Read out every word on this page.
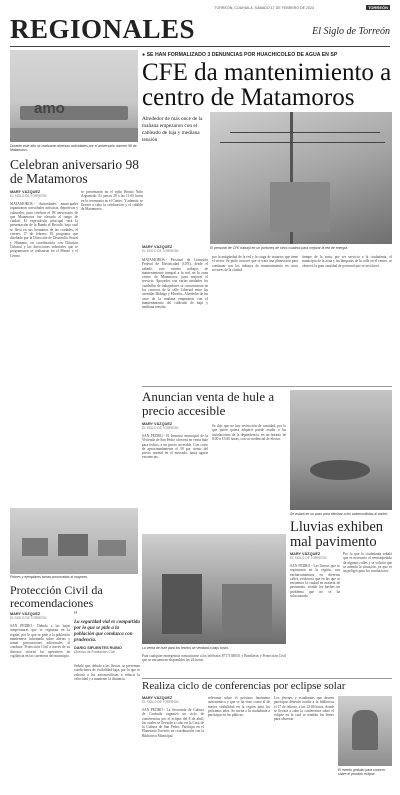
TORREÓN, COAHUILA. SÁBADO 17 DE FEBRERO DE 2024	TORREÓN
REGIONALES	El Siglo de Torreón
amo
Durante este año se realizarán diversas actividades por el aniversario número 98 de Matamoros.
Celebran aniversario 98 de Matamoros
MARY VÁZQUEZ
EL SIGLO DE TORREÓN
MATAMOROS.- Autoridades municipales organizaron actividades artísticas, deportivas y culturales, para celebrar el 98 aniversario de que Matamoros fue elevado al rango de ciudad. El expectáculo principal será la presentación de la Banda el Recodo, bajo cual se lleva en sus hermanos de las ciudades, el viernes 17 de febrero. El programa que diseñado por la Dirección de Desarrollo Social y Humano, en coordinación con Difusión Cultural y las direcciones señoriales que se programaron se realizaron en el Museo y el Centro.
se presentarán en el ejido Benito Niño Argomedo. El jueves 29 a las 11:00 horas en la ceremonia en el Centro. Y además, se llevará a cabo la celebración y el cabildo de Matamoros.
● SE HAN FORMALIZADO 3 DENUNCIAS POR HUACHICOLEO DE AGUA EN SP
CFE da mantenimiento a centro de Matamoros
Alrededor de más once de la mañana empezaron con el cableado de luja y mediana tensión
El personal de CFE trabajó en un portones de otros cuadros para mejorar la red de energía.
MARY VÁZQUEZ
EL SIGLO DE TORREÓN
MATAMOROS.- Personal de Comisión Federal de Electricidad (CFE), desde el sábado, este viernes trabajos de mantenimiento integral a la red, en la zona centro de Matamoros, para mejorar el servicio. Apoyados con varias unidades los cuadrillas de trabajadores se concentraron en los cruceros de la calle Libertad entre las avenidas Hidalgo y Morelos. Alrededor de las once de la mañana empezaron con el mantenimiento del cableado de baja y mediana tensión.
por la antigüedad de la red y la carga de usuarios que tiene el sector. Se pudo conocer que se trata una planeación para continuar con los trabajos de mantenimiento en otros sectores de la ciudad.
tiempo de la zona, por ser servicio a la ciudadanía, el municipio de la zona y las lámparas de la calle en el centro, se observó la gran cantidad de personal que se involucró.
Anuncian venta de hule a precio accesible
MARY VÁZQUEZ
EL SIGLO DE TORREÓN
SAN PEDRO.- El Instituto municipal de la Vivienda de San Pedro ofrecerá en venta hule para techos, a un precio accesible. Con costo de aproximadamente el 50 por ciento del precio normal en el mercado, hasta agotar existencias.
Se dijo que no hay restricción de cantidad, por lo que quien quiera adquirir puede acudir a las instalaciones de la dependencia, en un horario de 8:00 a 15:00 horas, con su credencial de elector.
Se estará en un pozo para eliminar a los automovilistas al bache.
Lluvias exhiben mal pavimento
MARY VÁZQUEZ
EL SIGLO DE TORREÓN
SAN PEDRO.- Las lluvias que se registraron en la región, con encharcamientos en diversas calles, evidencia que en las que se encuentra la ciudad en materia de pavimento, siendo los baches un problema que no se ha solucionado.
Por lo que la ciudadanía señaló que es necesario el reencarpetado de algunas calles y se solicita que se atienda la situación, ya que es un peligro para los conductores.
Pobres y ejemplares tomas provocadas al mayores.
Protección Civil da recomendaciones
MARY VÁZQUEZ
EL SIGLO DE TORREÓN
SAN PEDRO.- Debido a las bajas temperaturas que se registran en la región, por lo que se pide a la población mantenerse informada sobre alertas y tomar precauciones adicionales al conducir. Protección Civil a través de su director, reforzó los operativos de vigilancia en las carreteras del municipio.
“
La seguridad vial es compartida por lo que se pide a la población que conduzca con prudencia.
DARIO SIFUENTES RUBIO
Director de Protección Civil
Señaló que, debido a las lluvias, se presentan condiciones de visibilidad baja, por lo que se exhorta a los automovilistas a reducir la velocidad y a mantener la distancia.
La venta de hule para los techos se vendará a bajo costo.
Para cualquier emergencia comunicarse a los teléfonos 8717138050, y Bomberos y Protección Civil que se encuentran disponibles las 24 horas.
Realiza ciclo de conferencias por eclipse solar
MARY VÁZQUEZ
EL SIGLO DE TORREÓN
SAN PEDRO.- La Secretaría de Cultura de Coahuila organizó un ciclo de conferencias por el eclipse del 8 de abril, las cuales se llevarán a cabo en la Casa de la Cultura de San Pedro. Participa en el Planetario Torreón, en coordinación con la Biblioteca Municipal.
relevante sobre el próximo fenómeno astronómico y que se ha visto como el de mayor visibilidad en la región para los próximos años. Se invita a la ciudadanía a participar en las pláticas.
Los jóvenes y estudiantes que deseen participar deberán acudir a la biblioteca el 27 de febrero, a las 12:00 horas, donde se llevará a cabo la conferencia sobre el eclipse en la cual se tendrán los lentes para observar.
El evento gratuito para conocer sobre el próximo eclipse.
